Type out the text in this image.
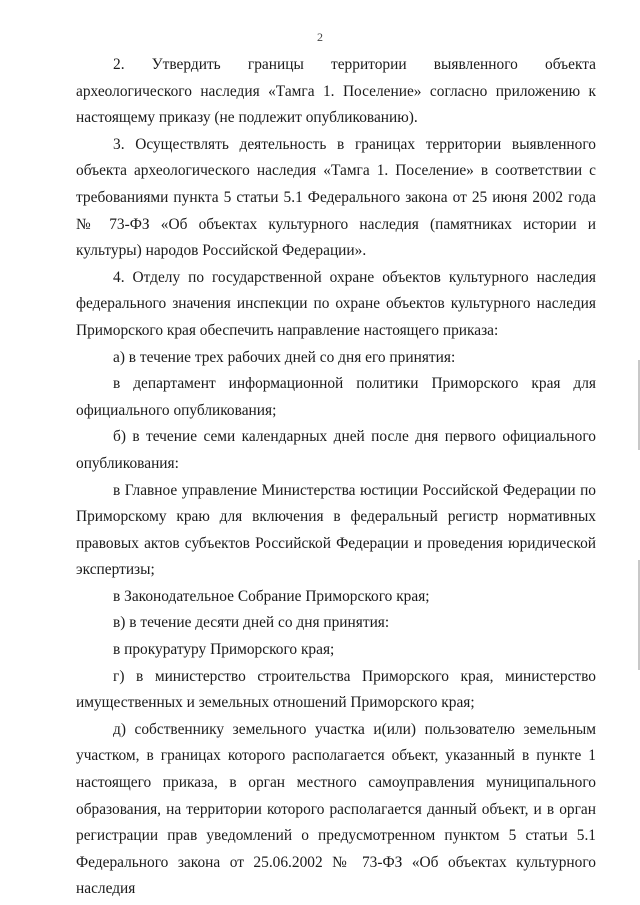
2

2. Утвердить границы территории выявленного объекта археологического наследия «Тамга 1. Поселение» согласно приложению к настоящему приказу (не подлежит опубликованию).

3. Осуществлять деятельность в границах территории выявленного объекта археологического наследия «Тамга 1. Поселение» в соответствии с требованиями пункта 5 статьи 5.1 Федерального закона от 25 июня 2002 года № 73-ФЗ «Об объектах культурного наследия (памятниках истории и культуры) народов Российской Федерации».

4. Отделу по государственной охране объектов культурного наследия федерального значения инспекции по охране объектов культурного наследия Приморского края обеспечить направление настоящего приказа:

а) в течение трех рабочих дней со дня его принятия:

в департамент информационной политики Приморского края для официального опубликования;

б) в течение семи календарных дней после дня первого официального опубликования:

в Главное управление Министерства юстиции Российской Федерации по Приморскому краю для включения в федеральный регистр нормативных правовых актов субъектов Российской Федерации и проведения юридической экспертизы;

в Законодательное Собрание Приморского края;

в) в течение десяти дней со дня принятия:

в прокуратуру Приморского края;

г) в министерство строительства Приморского края, министерство имущественных и земельных отношений Приморского края;

д) собственнику земельного участка и(или) пользователю земельным участком, в границах которого располагается объект, указанный в пункте 1 настоящего приказа, в орган местного самоуправления муниципального образования, на территории которого располагается данный объект, и в орган регистрации прав уведомлений о предусмотренном пунктом 5 статьи 5.1 Федерального закона от 25.06.2002 № 73-ФЗ «Об объектах культурного наследия
